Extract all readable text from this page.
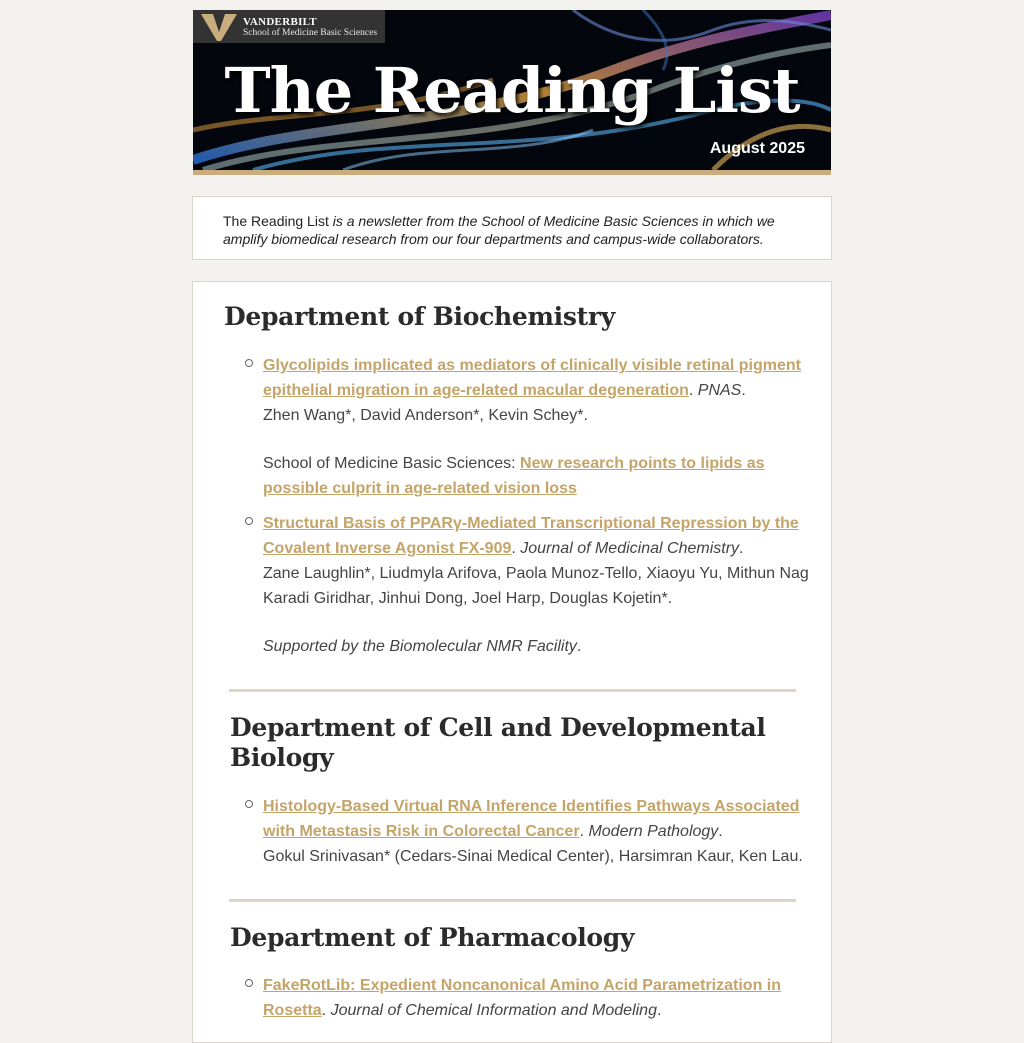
VANDERBILT
School of Medicine Basic Sciences
The Reading List
August 2025

The Reading List is a newsletter from the School of Medicine Basic Sciences in which we amplify biomedical research from our four departments and campus-wide collaborators.

Department of Biochemistry
Glycolipids implicated as mediators of clinically visible retinal pigment epithelial migration in age-related macular degeneration. PNAS.
Zhen Wang*, David Anderson*, Kevin Schey*.
School of Medicine Basic Sciences: New research points to lipids as possible culprit in age-related vision loss
Structural Basis of PPARγ-Mediated Transcriptional Repression by the Covalent Inverse Agonist FX-909. Journal of Medicinal Chemistry.
Zane Laughlin*, Liudmyla Arifova, Paola Munoz-Tello, Xiaoyu Yu, Mithun Nag Karadi Giridhar, Jinhui Dong, Joel Harp, Douglas Kojetin*.
Supported by the Biomolecular NMR Facility.
Department of Cell and Developmental Biology
Histology-Based Virtual RNA Inference Identifies Pathways Associated with Metastasis Risk in Colorectal Cancer. Modern Pathology.
Gokul Srinivasan* (Cedars-Sinai Medical Center), Harsimran Kaur, Ken Lau.
Department of Pharmacology
FakeRotLib: Expedient Noncanonical Amino Acid Parametrization in Rosetta. Journal of Chemical Information and Modeling.
